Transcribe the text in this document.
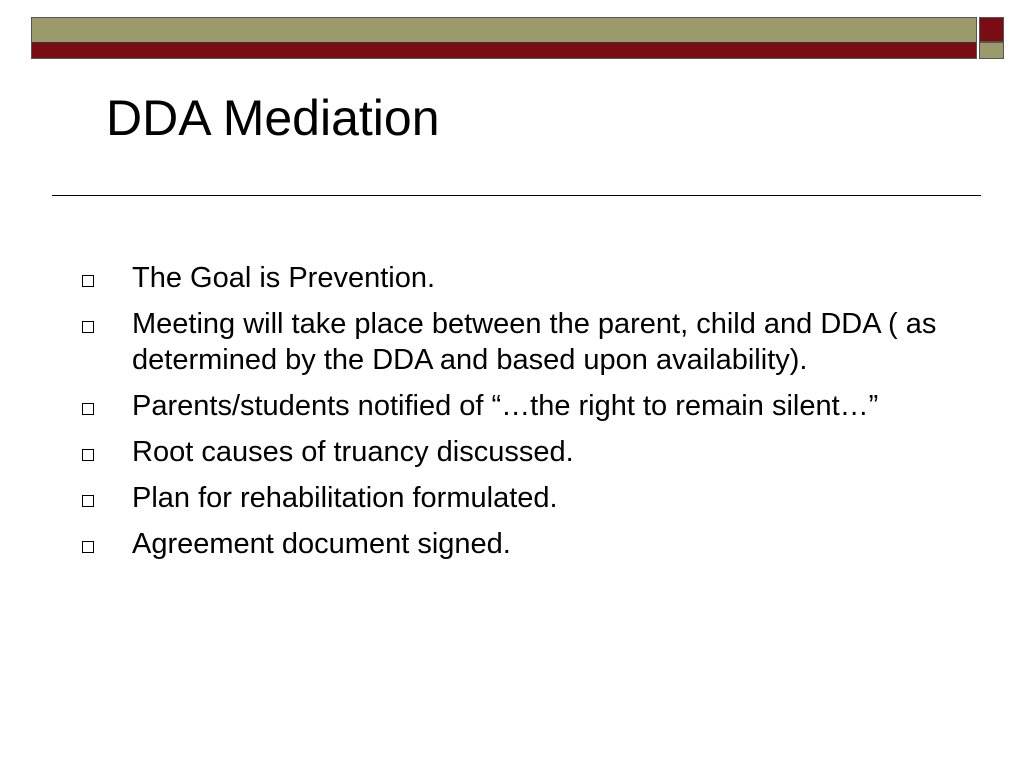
DDA Mediation
The Goal is Prevention.
Meeting will take place between the parent, child and DDA ( as determined by the DDA and based upon availability).
Parents/students notified of “…the right to remain silent…”
Root causes of truancy discussed.
Plan for rehabilitation formulated.
Agreement document signed.
